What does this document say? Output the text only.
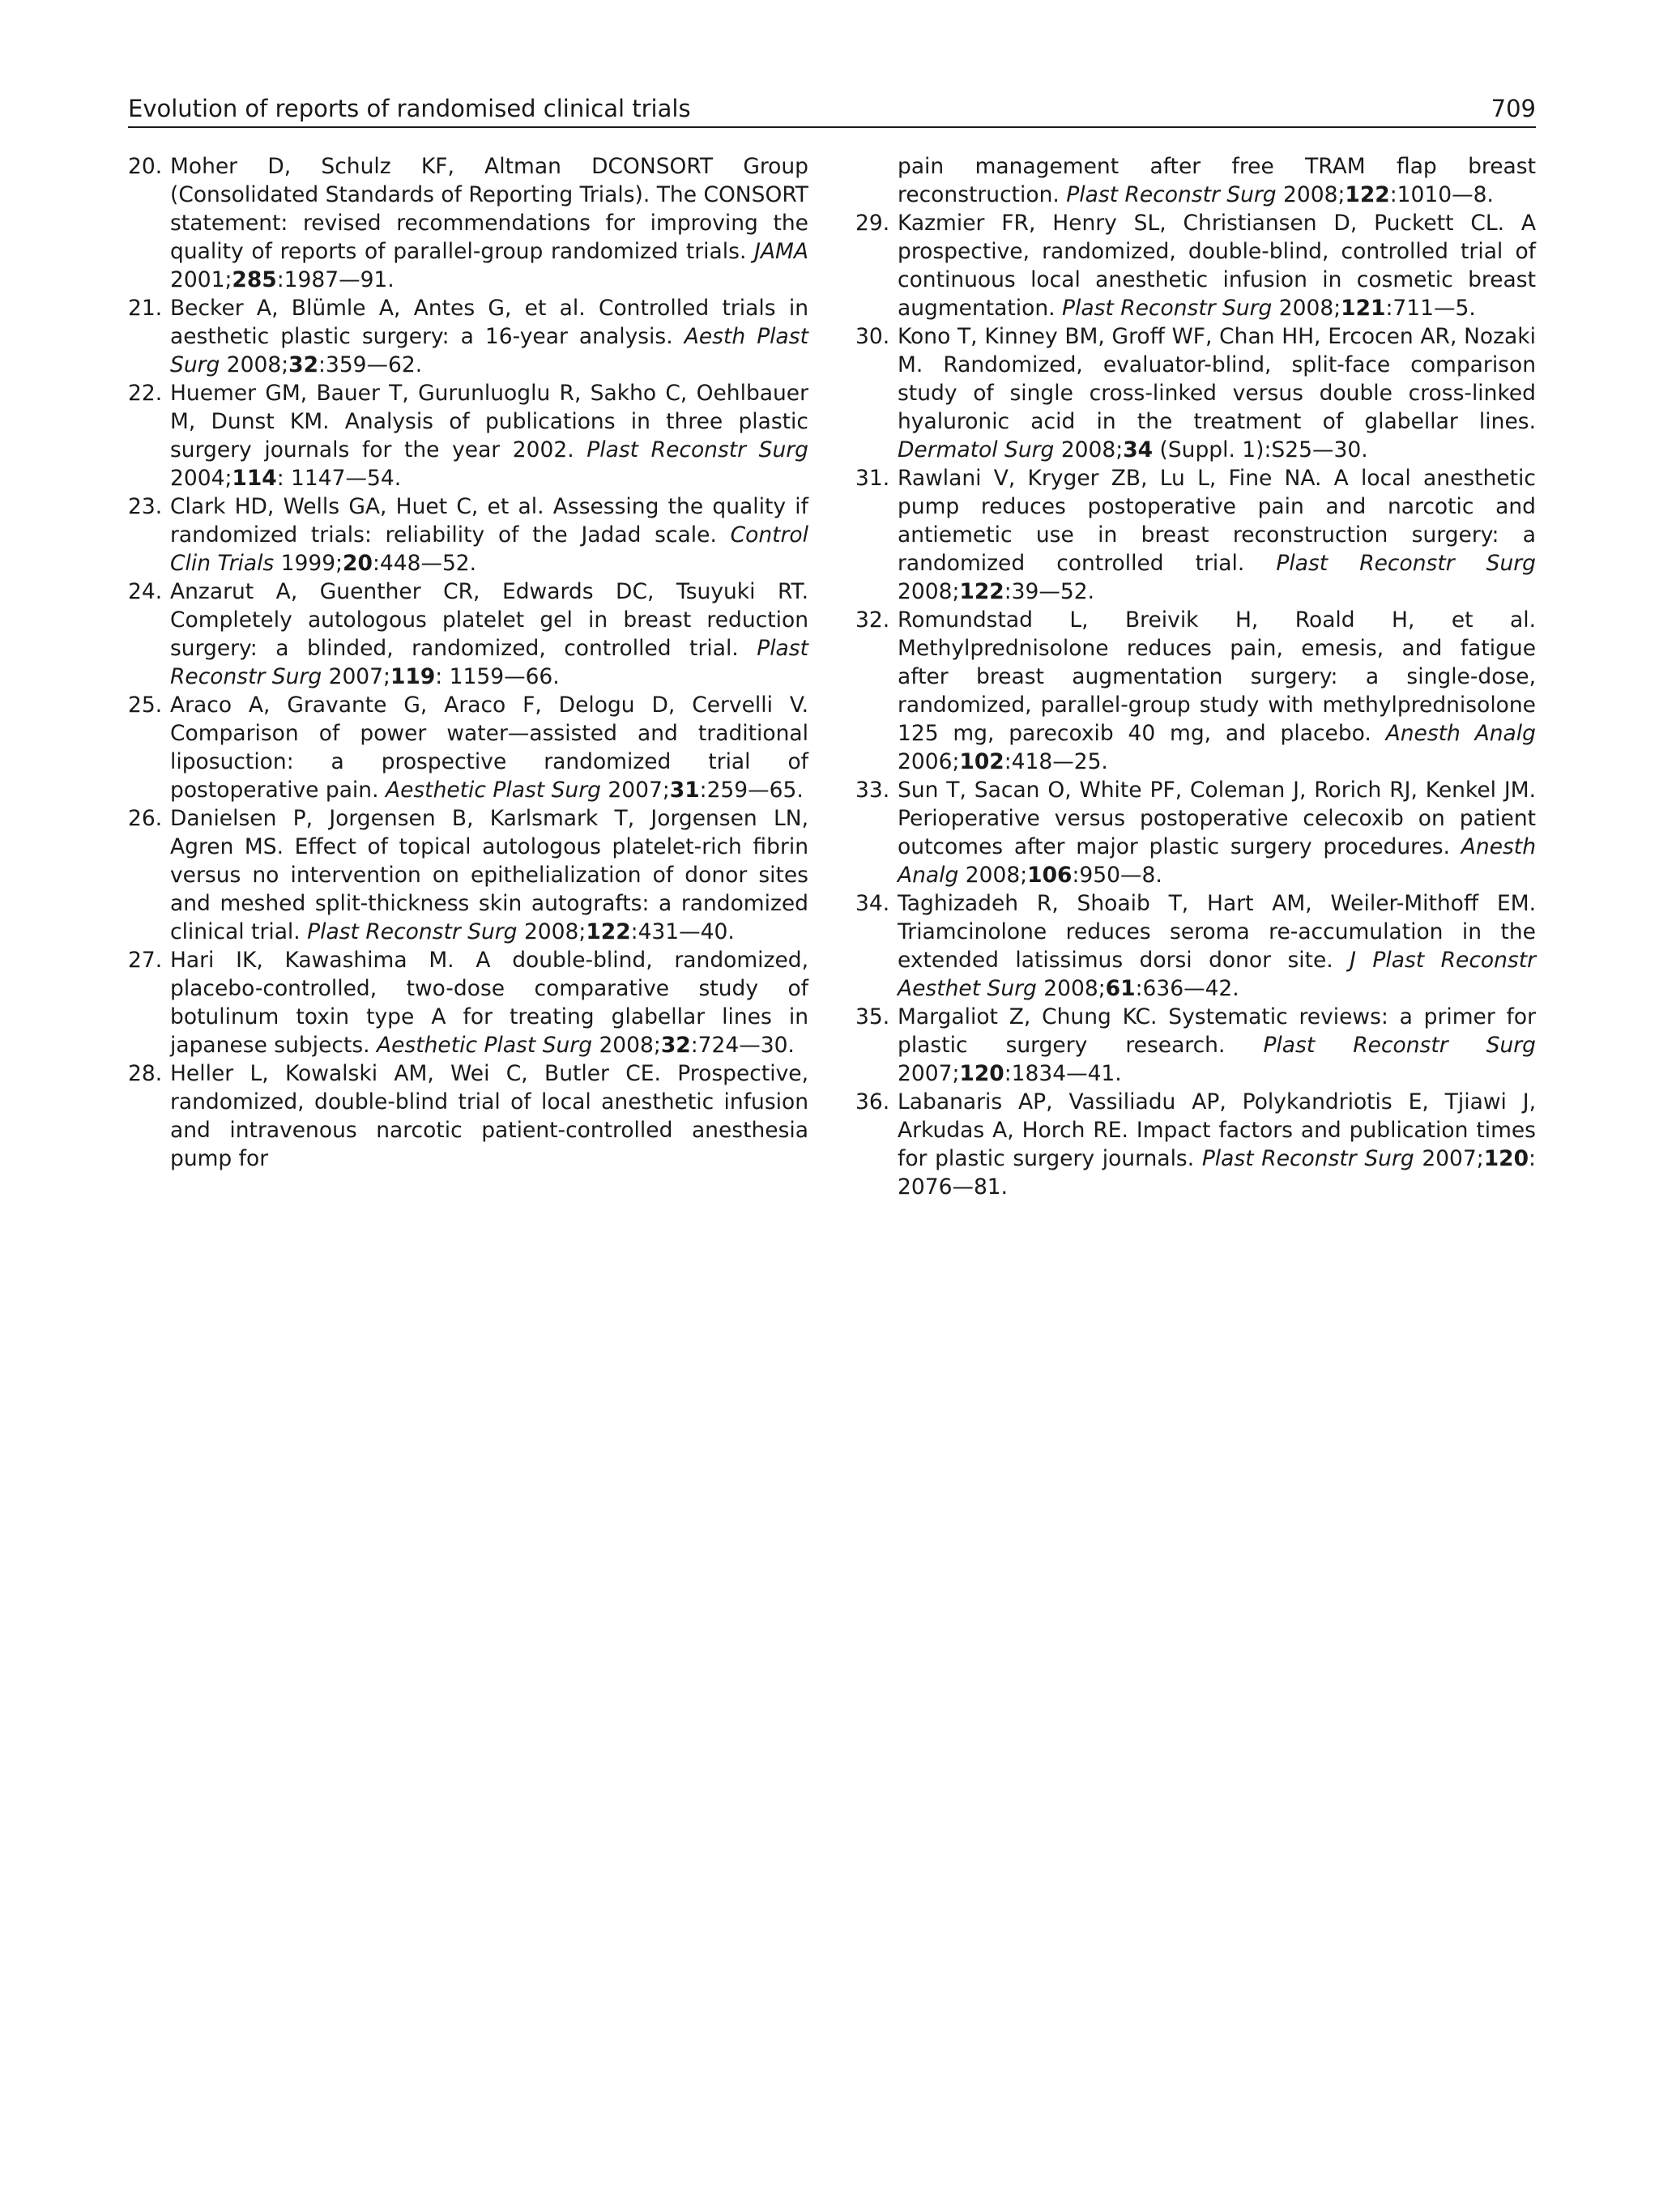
Evolution of reports of randomised clinical trials	709

20. Moher D, Schulz KF, Altman DCONSORT Group (Consolidated Standards of Reporting Trials). The CONSORT statement: revised recommendations for improving the quality of reports of parallel-group randomized trials. JAMA 2001;285:1987—91.

21. Becker A, Blümle A, Antes G, et al. Controlled trials in aesthetic plastic surgery: a 16-year analysis. Aesth Plast Surg 2008;32:359—62.

22. Huemer GM, Bauer T, Gurunluoglu R, Sakho C, Oehlbauer M, Dunst KM. Analysis of publications in three plastic surgery journals for the year 2002. Plast Reconstr Surg 2004;114: 1147—54.

23. Clark HD, Wells GA, Huet C, et al. Assessing the quality if randomized trials: reliability of the Jadad scale. Control Clin Trials 1999;20:448—52.

24. Anzarut A, Guenther CR, Edwards DC, Tsuyuki RT. Completely autologous platelet gel in breast reduction surgery: a blinded, randomized, controlled trial. Plast Reconstr Surg 2007;119: 1159—66.

25. Araco A, Gravante G, Araco F, Delogu D, Cervelli V. Comparison of power water—assisted and traditional liposuction: a prospective randomized trial of postoperative pain. Aesthetic Plast Surg 2007;31:259—65.

26. Danielsen P, Jorgensen B, Karlsmark T, Jorgensen LN, Agren MS. Effect of topical autologous platelet-rich fibrin versus no intervention on epithelialization of donor sites and meshed split-thickness skin autografts: a randomized clinical trial. Plast Reconstr Surg 2008;122:431—40.

27. Hari IK, Kawashima M. A double-blind, randomized, placebo-controlled, two-dose comparative study of botulinum toxin type A for treating glabellar lines in japanese subjects. Aesthetic Plast Surg 2008;32:724—30.

28. Heller L, Kowalski AM, Wei C, Butler CE. Prospective, randomized, double-blind trial of local anesthetic infusion and intravenous narcotic patient-controlled anesthesia pump for

pain management after free TRAM flap breast reconstruction. Plast Reconstr Surg 2008;122:1010—8.

29. Kazmier FR, Henry SL, Christiansen D, Puckett CL. A prospective, randomized, double-blind, controlled trial of continuous local anesthetic infusion in cosmetic breast augmentation. Plast Reconstr Surg 2008;121:711—5.

30. Kono T, Kinney BM, Groff WF, Chan HH, Ercocen AR, Nozaki M. Randomized, evaluator-blind, split-face comparison study of single cross-linked versus double cross-linked hyaluronic acid in the treatment of glabellar lines. Dermatol Surg 2008;34 (Suppl. 1):S25—30.

31. Rawlani V, Kryger ZB, Lu L, Fine NA. A local anesthetic pump reduces postoperative pain and narcotic and antiemetic use in breast reconstruction surgery: a randomized controlled trial. Plast Reconstr Surg 2008;122:39—52.

32. Romundstad L, Breivik H, Roald H, et al. Methylprednisolone reduces pain, emesis, and fatigue after breast augmentation surgery: a single-dose, randomized, parallel-group study with methylprednisolone 125 mg, parecoxib 40 mg, and placebo. Anesth Analg 2006;102:418—25.

33. Sun T, Sacan O, White PF, Coleman J, Rorich RJ, Kenkel JM. Perioperative versus postoperative celecoxib on patient outcomes after major plastic surgery procedures. Anesth Analg 2008;106:950—8.

34. Taghizadeh R, Shoaib T, Hart AM, Weiler-Mithoff EM. Triamcinolone reduces seroma re-accumulation in the extended latissimus dorsi donor site. J Plast Reconstr Aesthet Surg 2008;61:636—42.

35. Margaliot Z, Chung KC. Systematic reviews: a primer for plastic surgery research. Plast Reconstr Surg 2007;120:1834—41.

36. Labanaris AP, Vassiliadu AP, Polykandriotis E, Tjiawi J, Arkudas A, Horch RE. Impact factors and publication times for plastic surgery journals. Plast Reconstr Surg 2007;120: 2076—81.
